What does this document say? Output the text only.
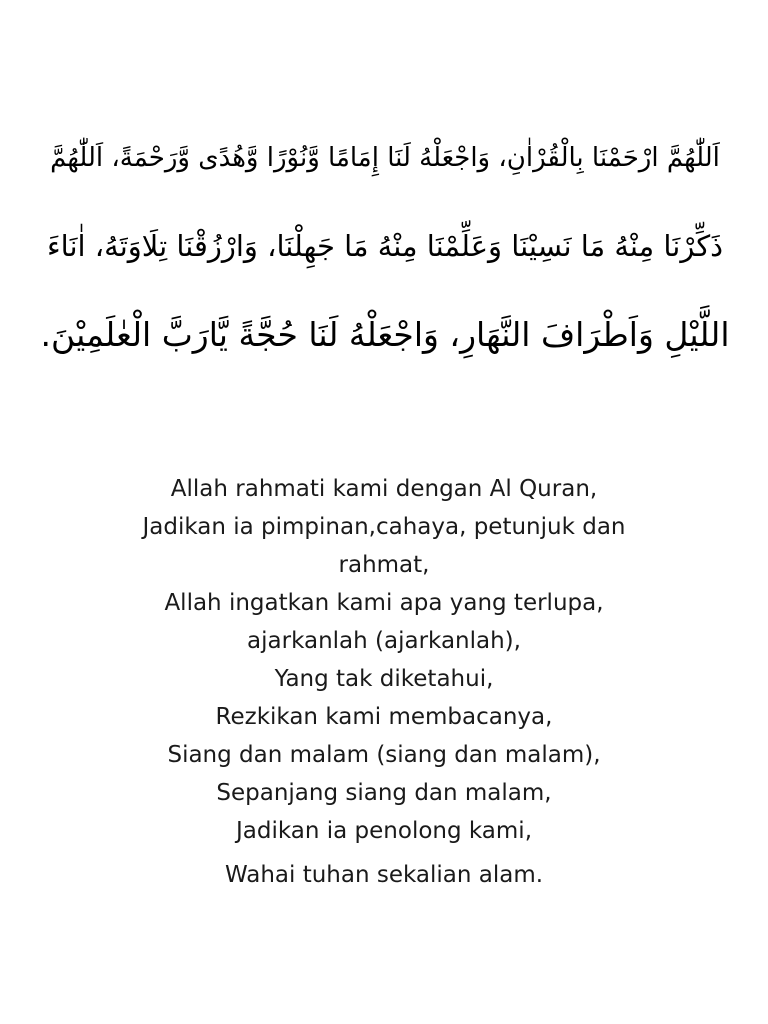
اَللّٰهُمَّ ارْحَمْنَا بِالْقُرْاٰنِ، وَاجْعَلْهُ لَنَا إِمَامًا وَّنُوْرًا وَّهُدًى وَّرَحْمَةً، اَللّٰهُمَّ
ذَكِّرْنَا مِنْهُ مَا نَسِيْنَا وَعَلِّمْنَا مِنْهُ مَا جَهِلْنَا، وَارْزُقْنَا تِلَاوَتَهُ، اٰنَاءَ
اللَّيْلِ وَاَطْرَافَ النَّهَارِ، وَاجْعَلْهُ لَنَا حُجَّةً يَّارَبَّ الْعٰلَمِيْنَ.
Allah rahmati kami dengan Al Quran,
Jadikan ia pimpinan,cahaya, petunjuk dan
rahmat,
Allah ingatkan kami apa yang terlupa,
ajarkanlah (ajarkanlah),
Yang tak diketahui,
Rezkikan kami membacanya,
Siang dan malam (siang dan malam),
Sepanjang siang dan malam,
Jadikan ia penolong kami,
Wahai tuhan sekalian alam.
